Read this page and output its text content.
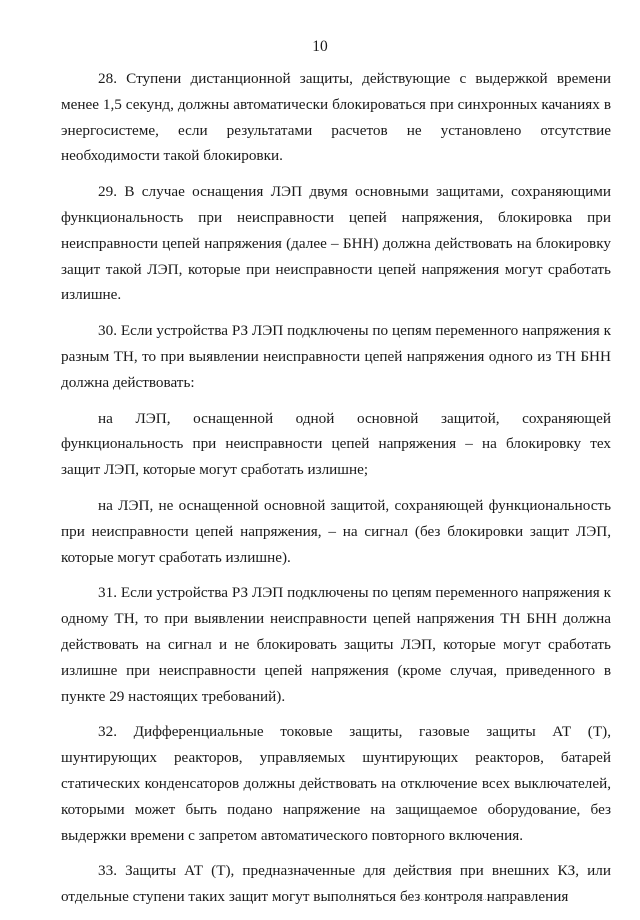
10

28. Ступени дистанционной защиты, действующие с выдержкой времени менее 1,5 секунд, должны автоматически блокироваться при синхронных качаниях в энергосистеме, если результатами расчетов не установлено отсутствие необходимости такой блокировки.

29. В случае оснащения ЛЭП двумя основными защитами, сохраняющими функциональность при неисправности цепей напряжения, блокировка при неисправности цепей напряжения (далее – БНН) должна действовать на блокировку защит такой ЛЭП, которые при неисправности цепей напряжения могут сработать излишне.

30. Если устройства РЗ ЛЭП подключены по цепям переменного напряжения к разным ТН, то при выявлении неисправности цепей напряжения одного из ТН БНН должна действовать:

на ЛЭП, оснащенной одной основной защитой, сохраняющей функциональность при неисправности цепей напряжения – на блокировку тех защит ЛЭП, которые могут сработать излишне;

на ЛЭП, не оснащенной основной защитой, сохраняющей функциональность при неисправности цепей напряжения, – на сигнал (без блокировки защит ЛЭП, которые могут сработать излишне).

31. Если устройства РЗ ЛЭП подключены по цепям переменного напряжения к одному ТН, то при выявлении неисправности цепей напряжения ТН БНН должна действовать на сигнал и не блокировать защиты ЛЭП, которые могут сработать излишне при неисправности цепей напряжения (кроме случая, приведенного в пункте 29 настоящих требований).

32. Дифференциальные токовые защиты, газовые защиты АТ (Т), шунтирующих реакторов, управляемых шунтирующих реакторов, батарей статических конденсаторов должны действовать на отключение всех выключателей, которыми может быть подано напряжение на защищаемое оборудование, без выдержки времени с запретом автоматического повторного включения.

33. Защиты АТ (Т), предназначенные для действия при внешних КЗ, или отдельные ступени таких защит могут выполняться без контроля направления
